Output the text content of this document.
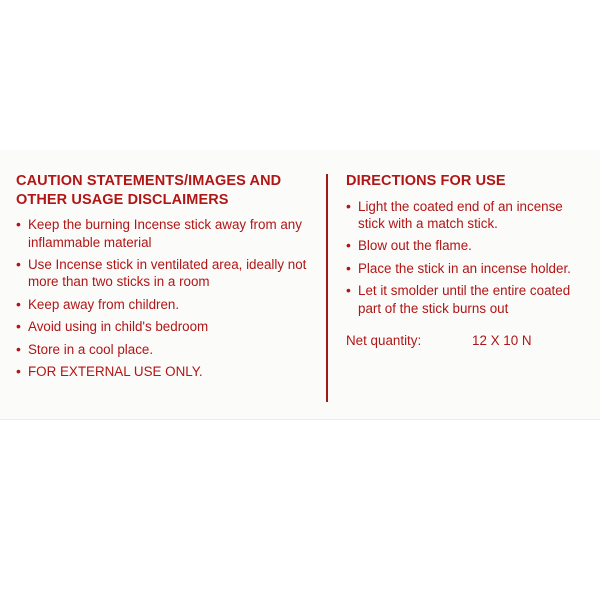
CAUTION STATEMENTS/IMAGES AND OTHER USAGE DISCLAIMERS
• Keep the burning Incense stick away from any inflammable material
• Use Incense stick in ventilated area, ideally not more than two sticks in a room
• Keep away from children.
• Avoid using in child's bedroom
• Store in a cool place.
• FOR EXTERNAL USE ONLY.
DIRECTIONS FOR USE
• Light the coated end of an incense stick with a match stick.
• Blow out the flame.
• Place the stick in an incense holder.
• Let it smolder until the entire coated part of the stick burns out
Net quantity:	12 X 10 N
